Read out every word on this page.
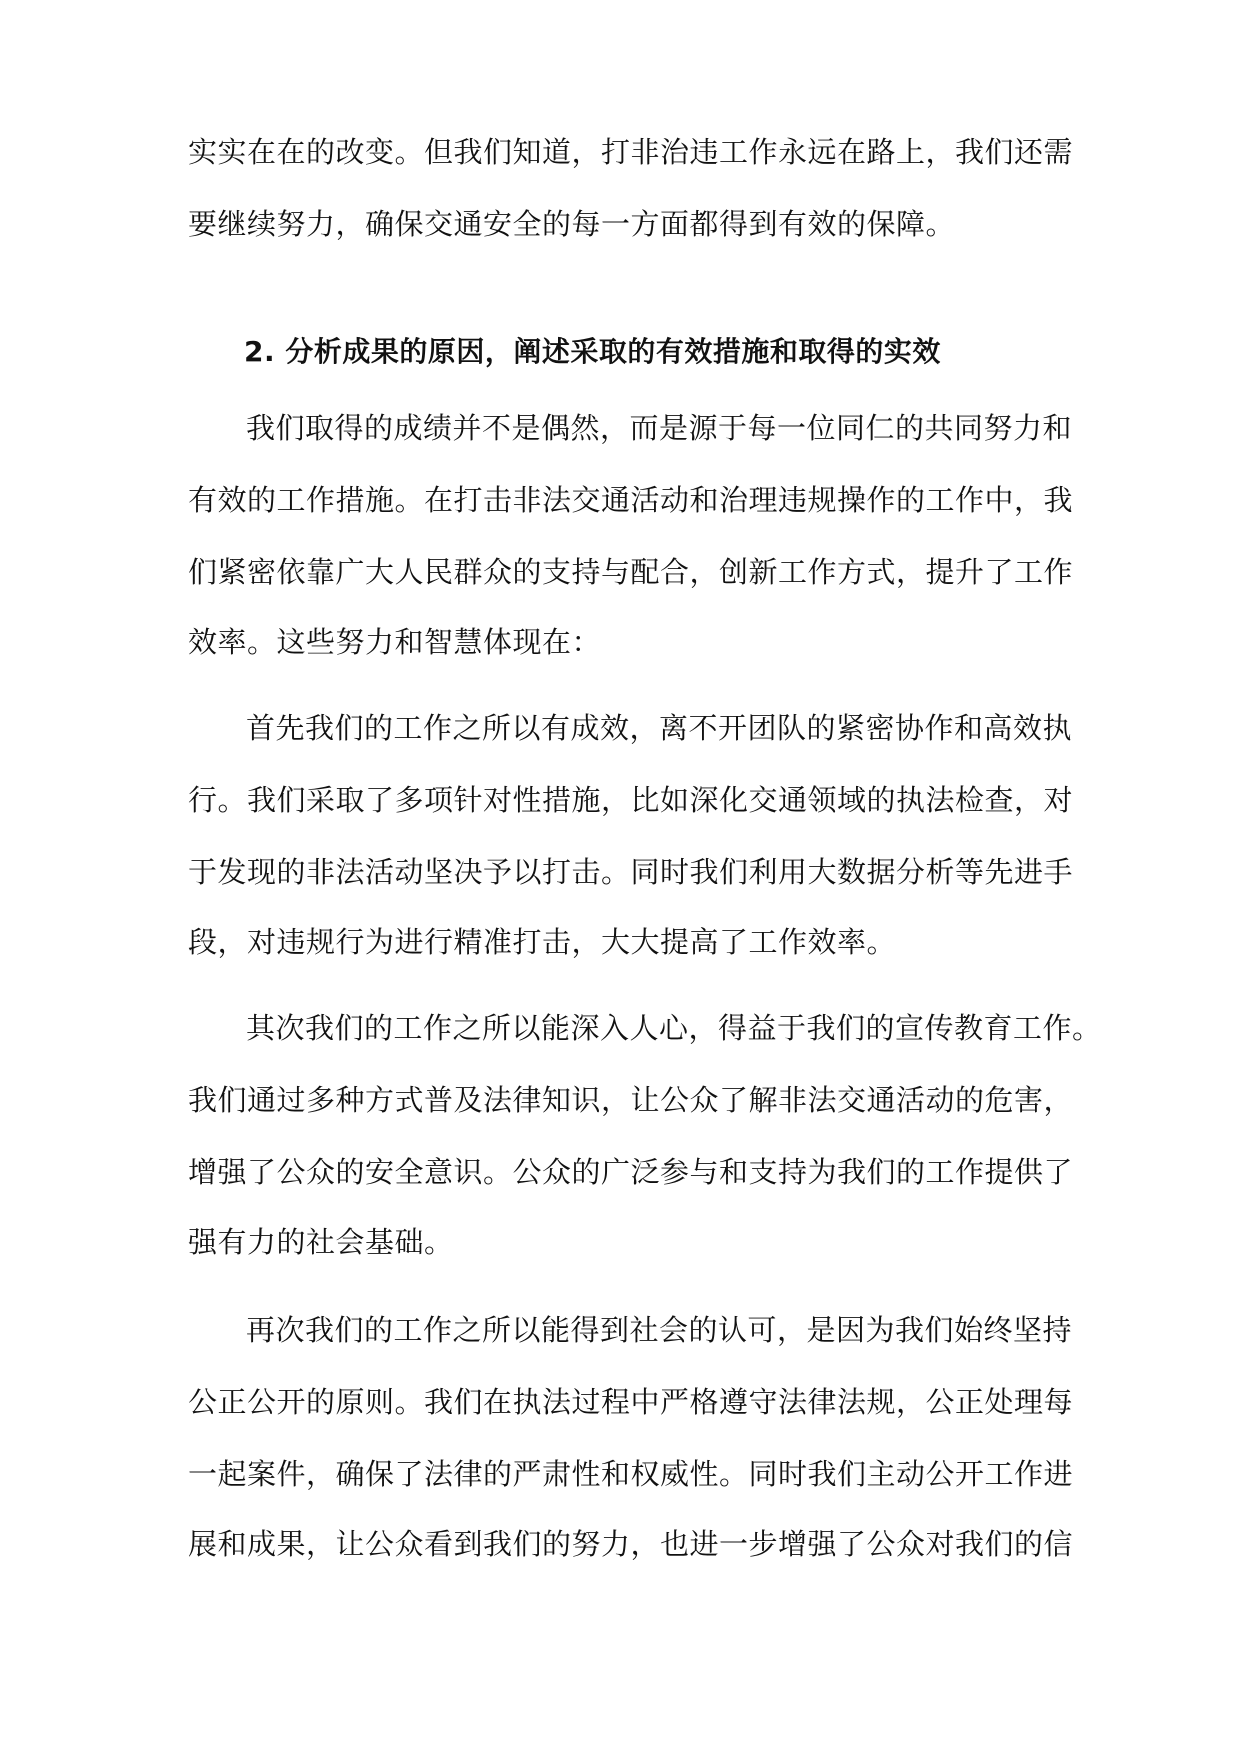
实实在在的改变。但我们知道，打非治违工作永远在路上，我们还需
要继续努力，确保交通安全的每一方面都得到有效的保障。
2. 分析成果的原因，阐述采取的有效措施和取得的实效
我们取得的成绩并不是偶然，而是源于每一位同仁的共同努力和
有效的工作措施。在打击非法交通活动和治理违规操作的工作中，我
们紧密依靠广大人民群众的支持与配合，创新工作方式，提升了工作
效率。这些努力和智慧体现在：
首先我们的工作之所以有成效，离不开团队的紧密协作和高效执
行。我们采取了多项针对性措施，比如深化交通领域的执法检查，对
于发现的非法活动坚决予以打击。同时我们利用大数据分析等先进手
段，对违规行为进行精准打击，大大提高了工作效率。
其次我们的工作之所以能深入人心，得益于我们的宣传教育工作。
我们通过多种方式普及法律知识，让公众了解非法交通活动的危害，
增强了公众的安全意识。公众的广泛参与和支持为我们的工作提供了
强有力的社会基础。
再次我们的工作之所以能得到社会的认可，是因为我们始终坚持
公正公开的原则。我们在执法过程中严格遵守法律法规，公正处理每
一起案件，确保了法律的严肃性和权威性。同时我们主动公开工作进
展和成果，让公众看到我们的努力，也进一步增强了公众对我们的信
